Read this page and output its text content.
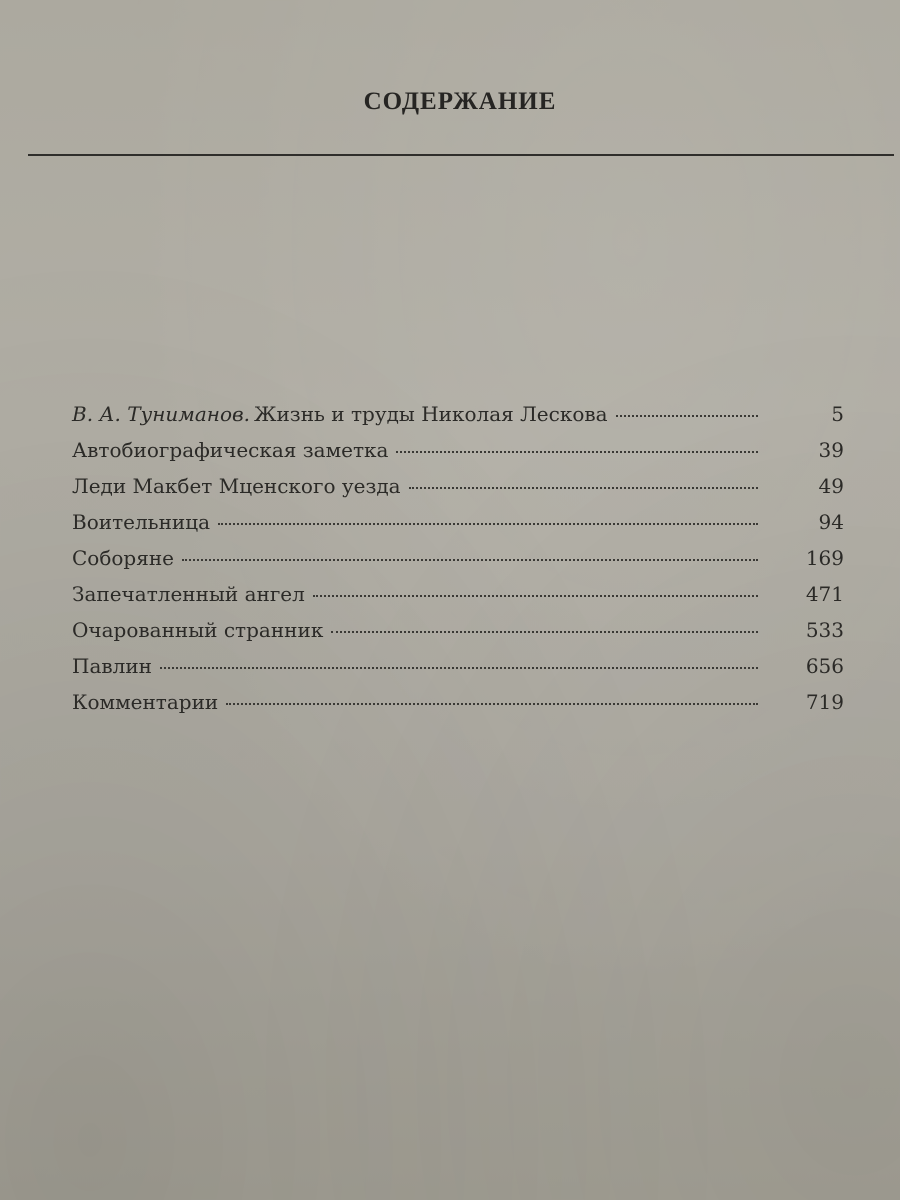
СОДЕРЖАНИЕ
В. А. Туниманов. Жизнь и труды Николая Лескова	5
Автобиографическая заметка	39
Леди Макбет Мценского уезда	49
Воительница	94
Соборяне	169
Запечатленный ангел	471
Очарованный странник	533
Павлин	656
Комментарии	719
